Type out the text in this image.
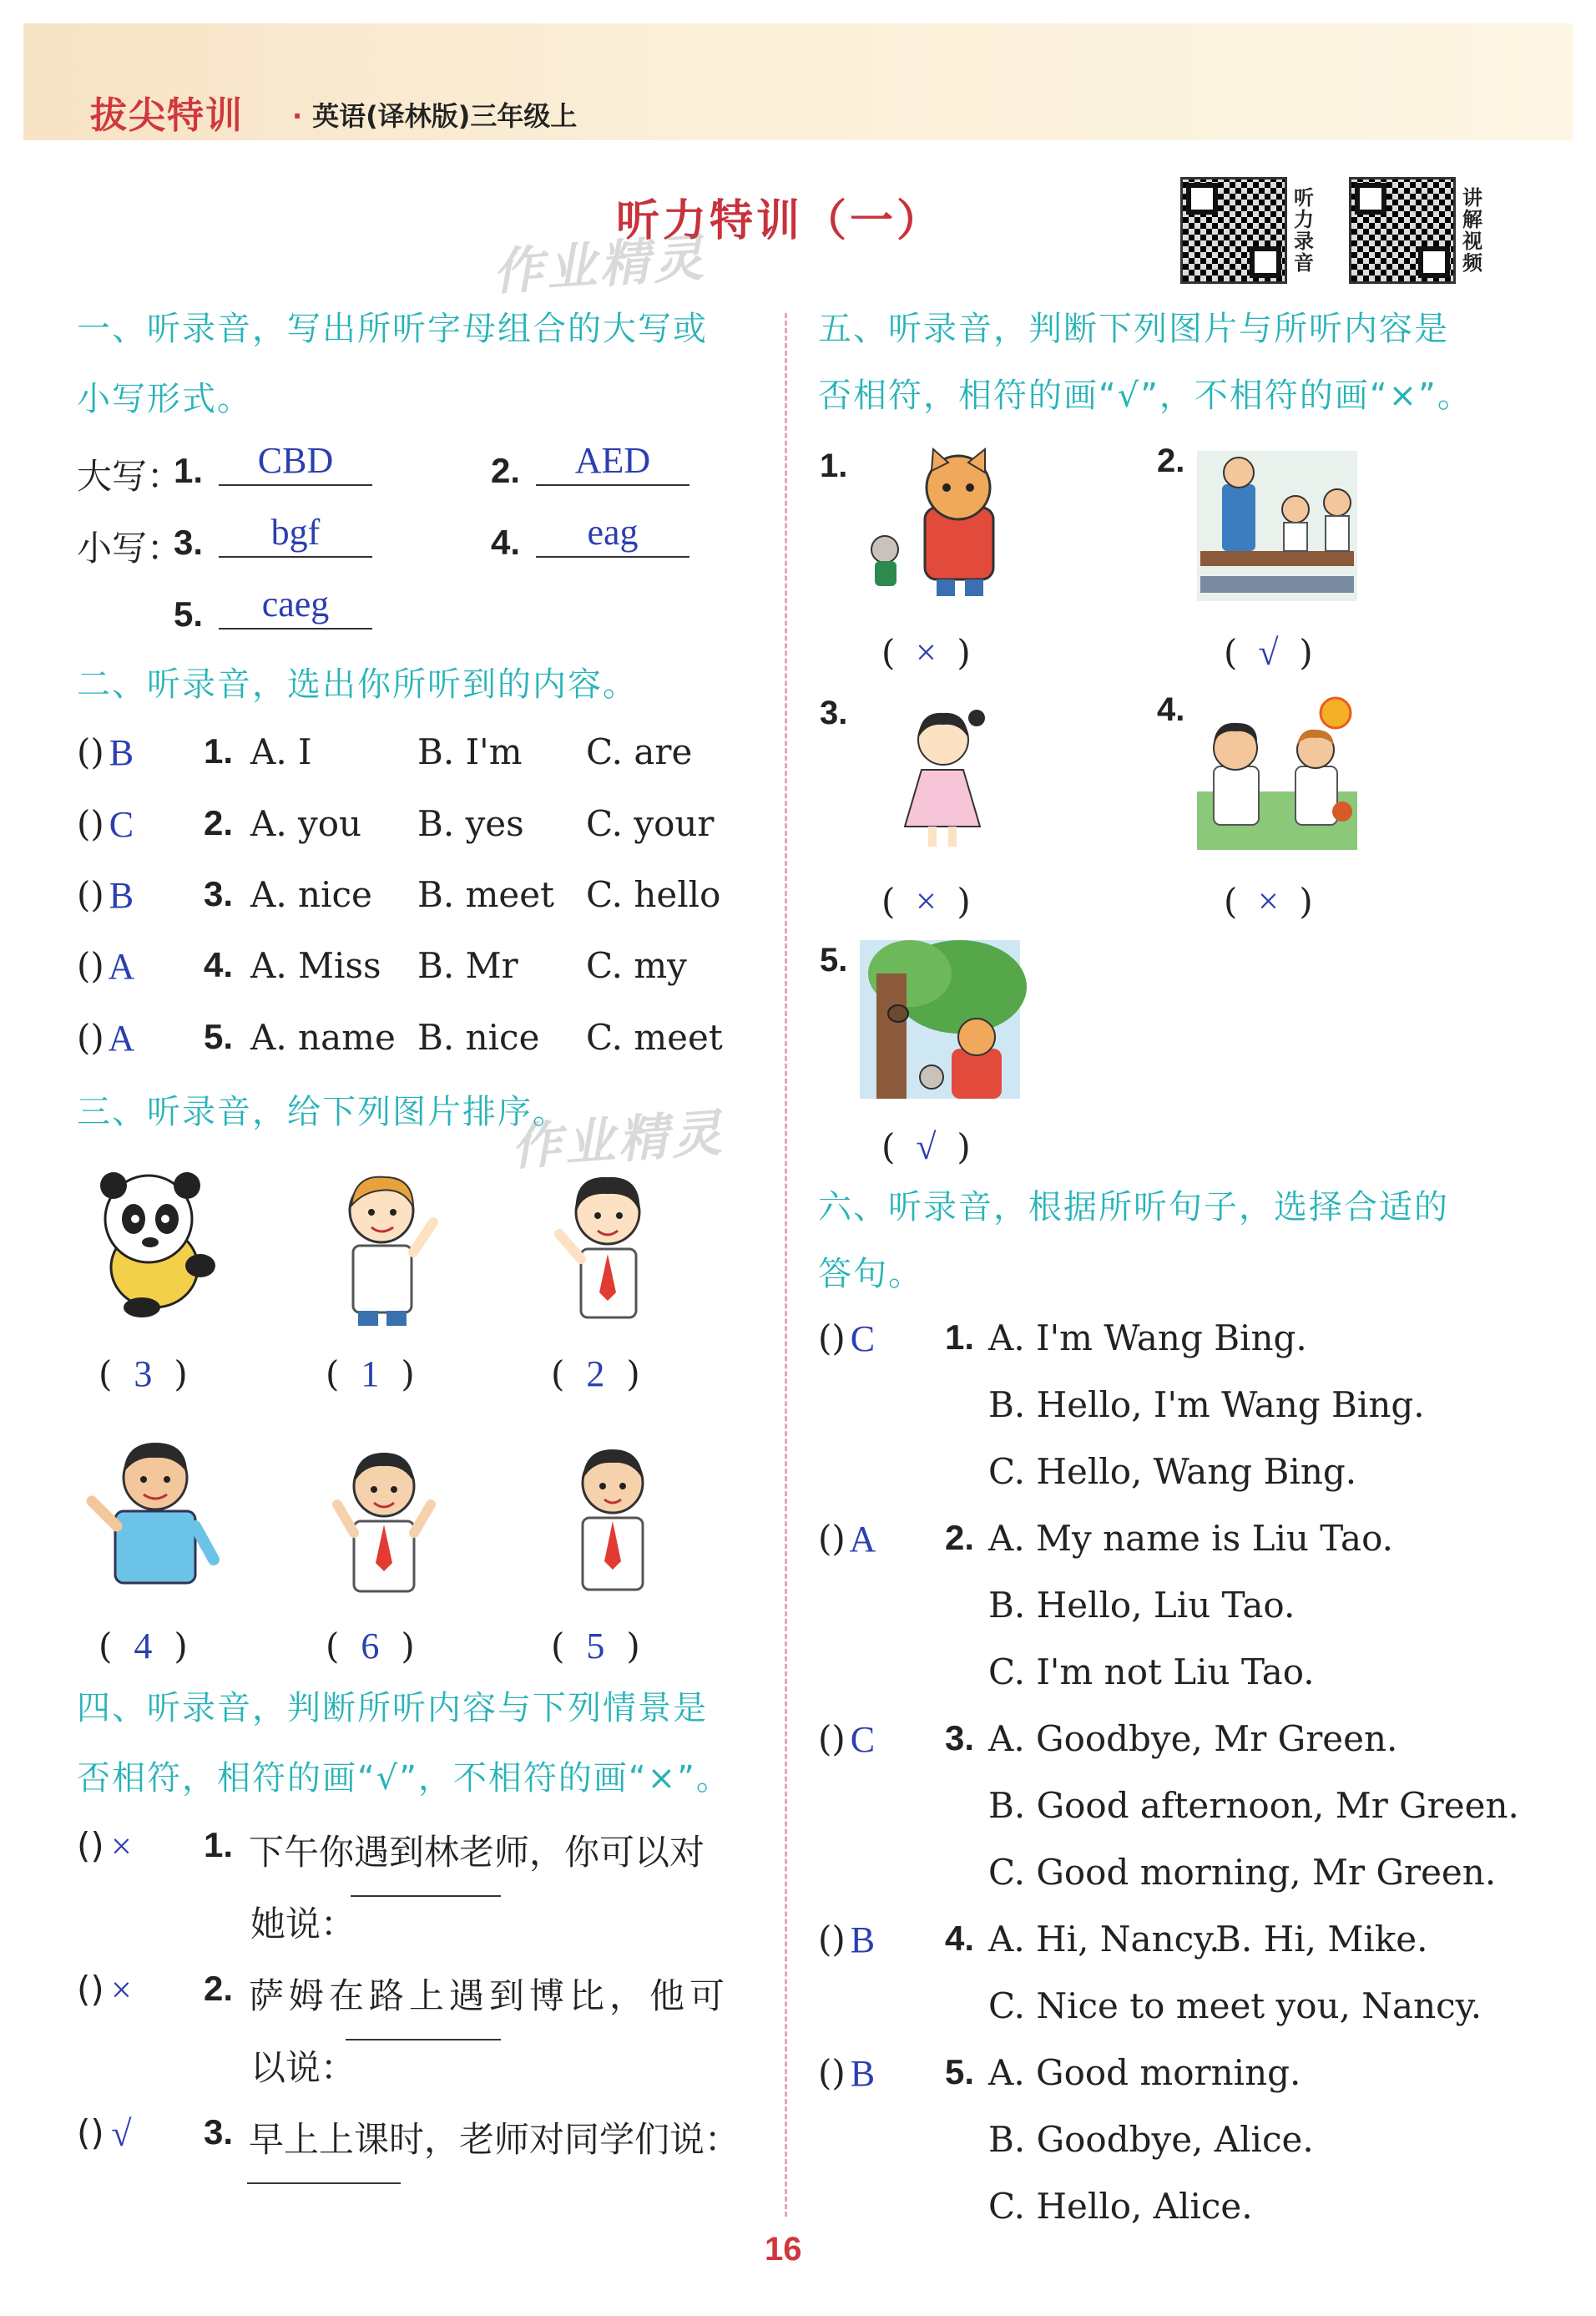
拔尖特训 · 英语(译林版)三年级上
听力特训（一）
作业精灵
作业精灵
听力录音
讲解视频
一、听录音，写出所听字母组合的大写或
小写形式。
大写：
1.	CBD	2.	AED
小写：
3.	bgf	4.	eag
5.	caeg
二、听录音，选出你所听到的内容。
( B
)	1. A. I	B. I'm C. are
( C
)	2. A. you B. yes C. your
( B
)	3. A. nice B. meet C. hello
( A
)	4. A. Miss B. Mr C. my
( A
)	5. A. name B. nice C. meet
三、听录音，给下列图片排序。
( 3 )	( 1 )	( 2 )
( 4 )	( 6 )	( 5 )
四、听录音，判断所听内容与下列情景是
否相符，相符的画“√”，不相符的画“×”。
( ×
)	1. 下午你遇到林老师，你可以对
她说：
( ×
)	2. 萨姆在路上遇到博比，他可
以说：
( √
)	3. 早上上课时，老师对同学们说：
五、听录音，判断下列图片与所听内容是
否相符，相符的画“√”，不相符的画“×”。
1.
( × )
2.
( √ )
3.
( × )
4.
( × )
5.
( √ )
六、听录音，根据所听句子，选择合适的
答句。
( C
)	1. A. I'm Wang Bing.
B. Hello, I'm Wang Bing.
C. Hello, Wang Bing.
( A
)	2. A. My name is Liu Tao.
B. Hello, Liu Tao.
C. I'm not Liu Tao.
( C
)	3. A. Goodbye, Mr Green.
B. Good afternoon, Mr Green.
C. Good morning, Mr Green.
( B
)	4. A. Hi, Nancy.
B. Hi, Mike.
C. Nice to meet you, Nancy.
( B
)	5. A. Good morning.
B. Goodbye, Alice.
C. Hello, Alice.
16
